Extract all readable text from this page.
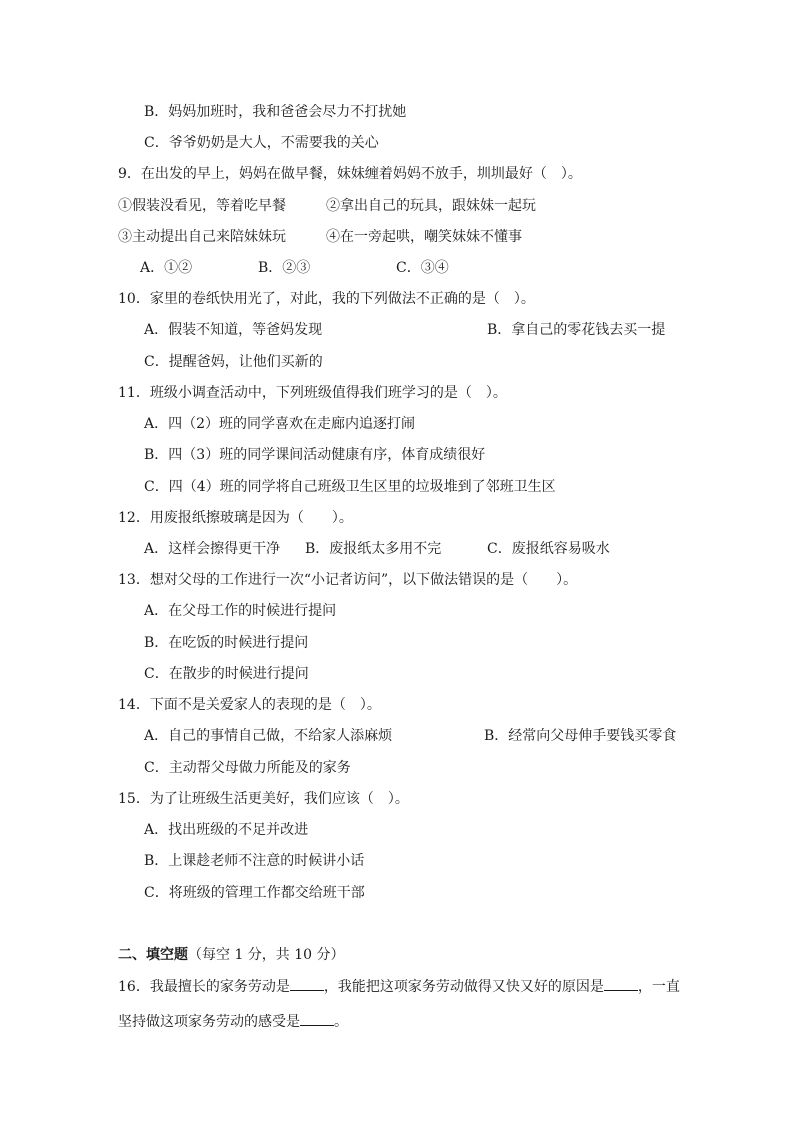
B．妈妈加班时，我和爸爸会尽力不打扰她
C．爷爷奶奶是大人，不需要我的关心
9．在出发的早上，妈妈在做早餐，妹妹缠着妈妈不放手，圳圳最好（　）。
①假装没看见，等着吃早餐	②拿出自己的玩具，跟妹妹一起玩
③主动提出自己来陪妹妹玩	④在一旁起哄，嘲笑妹妹不懂事
A．①②	B．②③	C．③④
10．家里的卷纸快用光了，对此，我的下列做法不正确的是（　）。
A．假装不知道，等爸妈发现	B．拿自己的零花钱去买一提
C．提醒爸妈，让他们买新的
11．班级小调查活动中，下列班级值得我们班学习的是（　）。
A．四（2）班的同学喜欢在走廊内追逐打闹
B．四（3）班的同学课间活动健康有序，体育成绩很好
C．四（4）班的同学将自己班级卫生区里的垃圾堆到了邻班卫生区
12．用废报纸擦玻璃是因为（　　）。
A．这样会擦得更干净 B．废报纸太多用不完	C．废报纸容易吸水
13．想对父母的工作进行一次“小记者访问”，以下做法错误的是（　　）。
A．在父母工作的时候进行提问
B．在吃饭的时候进行提问
C．在散步的时候进行提问
14．下面不是关爱家人的表现的是（　）。
A．自己的事情自己做，不给家人添麻烦	B．经常向父母伸手要钱买零食
C．主动帮父母做力所能及的家务
15．为了让班级生活更美好，我们应该（　）。
A．找出班级的不足并改进
B．上课趁老师不注意的时候讲小话
C．将班级的管理工作都交给班干部
二、填空题（每空 1 分，共 10 分）
16．我最擅长的家务劳动是 ，我能把这项家务劳动做得又快又好的原因是 ，一直
坚持做这项家务劳动的感受是 。
